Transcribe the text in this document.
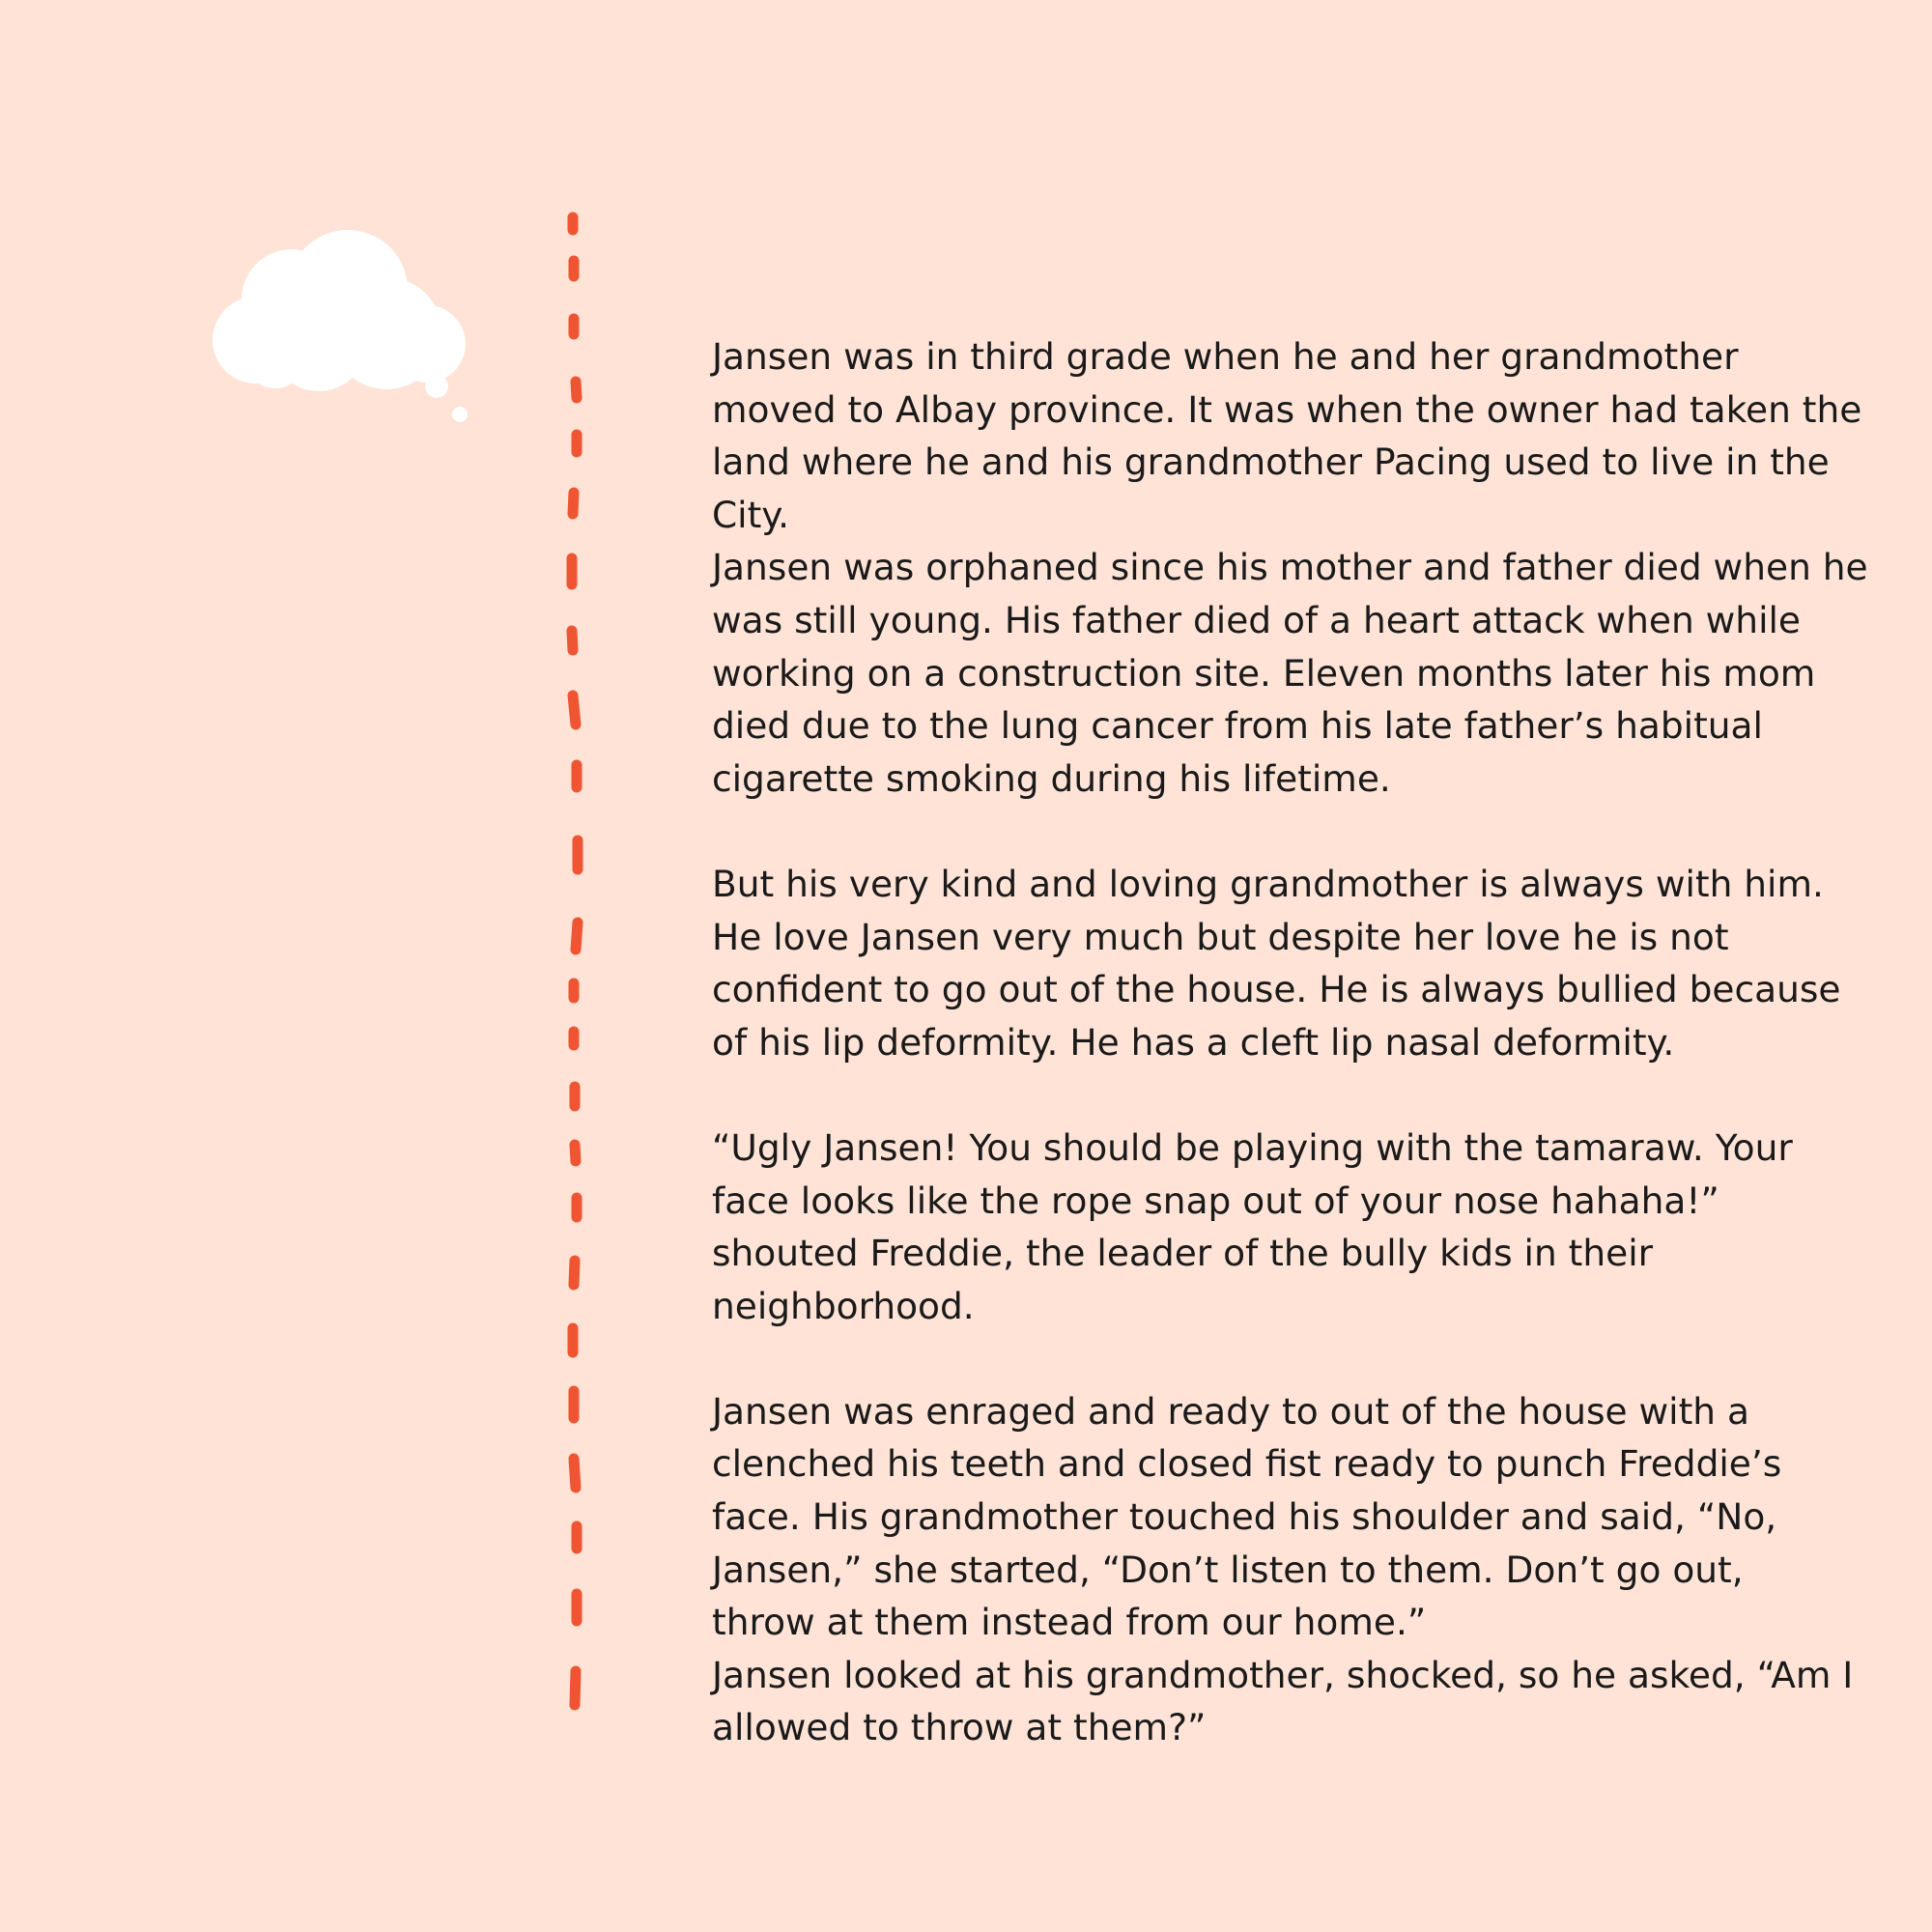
Jansen was in third grade when he and her grandmother

moved to Albay province. It was when the owner had taken the

land where he and his grandmother Pacing used to live in the

City.

Jansen was orphaned since his mother and father died when he

was still young. His father died of a heart attack when while

working on a construction site. Eleven months later his mom

died due to the lung cancer from his late father’s habitual

cigarette smoking during his lifetime.

But his very kind and loving grandmother is always with him.

He love Jansen very much but despite her love he is not

confident to go out of the house. He is always bullied because

of his lip deformity. He has a cleft lip nasal deformity.

“Ugly Jansen! You should be playing with the tamaraw. Your

face looks like the rope snap out of your nose hahaha!”

shouted Freddie, the leader of the bully kids in their

neighborhood.

Jansen was enraged and ready to out of the house with a

clenched his teeth and closed fist ready to punch Freddie’s

face. His grandmother touched his shoulder and said, “No,

Jansen,” she started, “Don’t listen to them. Don’t go out,

throw at them instead from our home.”

Jansen looked at his grandmother, shocked, so he asked, “Am I

allowed to throw at them?”
